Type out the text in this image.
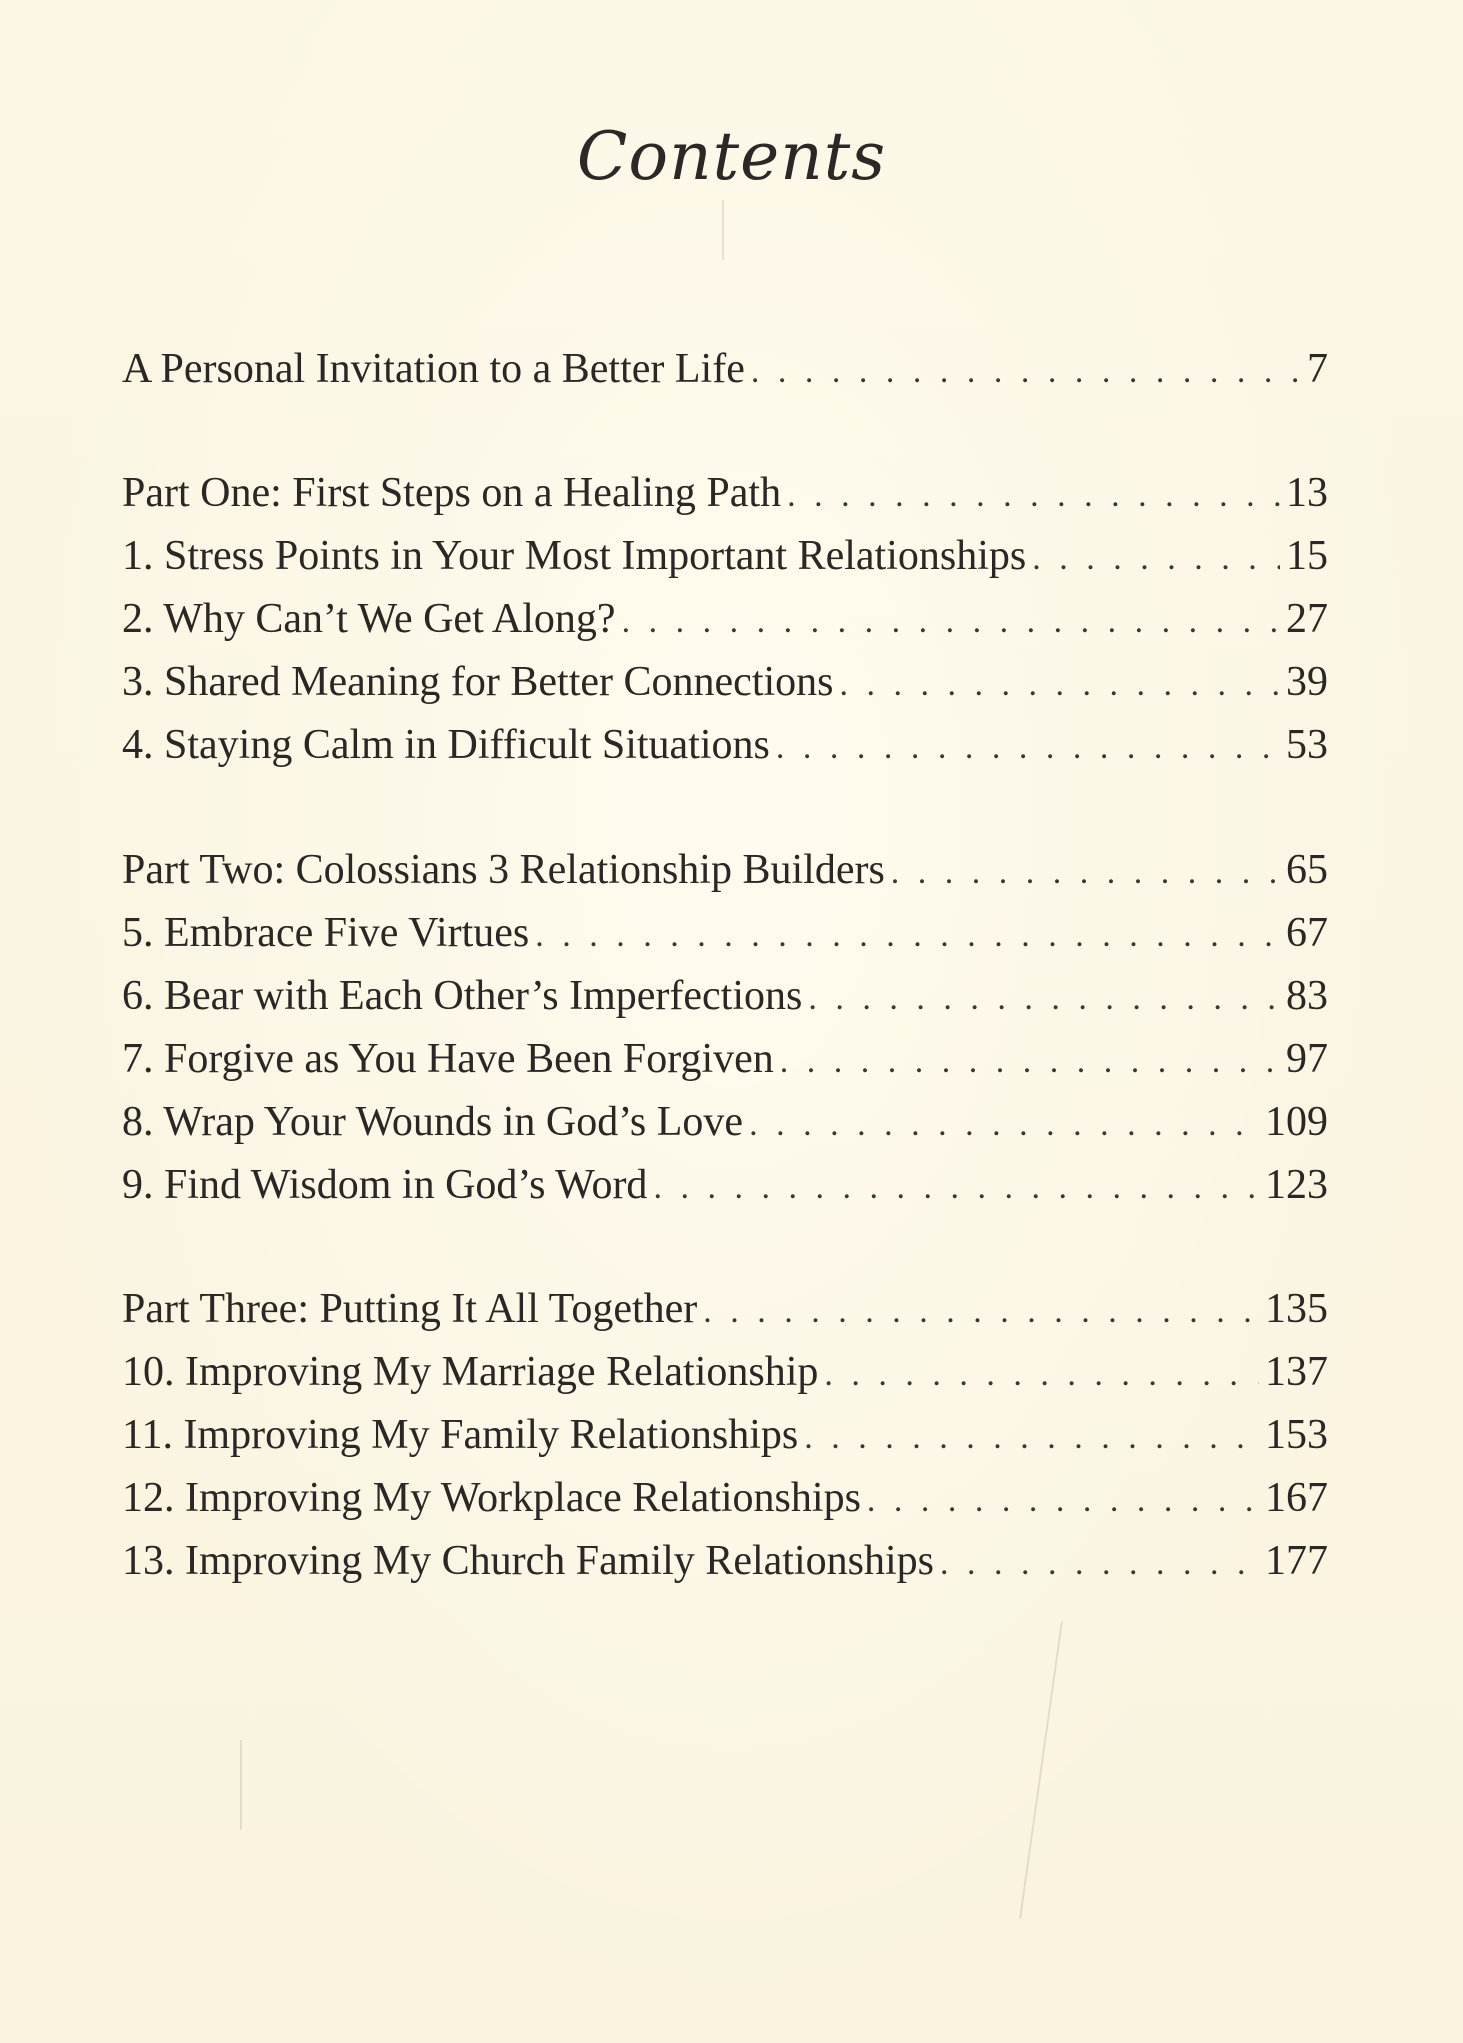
Contents
A Personal Invitation to a Better Life . . .	7
Part One: First Steps on a Healing Path . . .	13
1. Stress Points in Your Most Important Relationships . . .	15
2. Why Can’t We Get Along? . . .	27
3. Shared Meaning for Better Connections . . .	39
4. Staying Calm in Difficult Situations . . .	53
Part Two: Colossians 3 Relationship Builders . . .	65
5. Embrace Five Virtues . . .	67
6. Bear with Each Other’s Imperfections . . .	83
7. Forgive as You Have Been Forgiven . . .	97
8. Wrap Your Wounds in God’s Love . . .	109
9. Find Wisdom in God’s Word . . .	123
Part Three: Putting It All Together . . .	135
10. Improving My Marriage Relationship . . .	137
11. Improving My Family Relationships . . .	153
12. Improving My Workplace Relationships . . .	167
13. Improving My Church Family Relationships . . .	177
